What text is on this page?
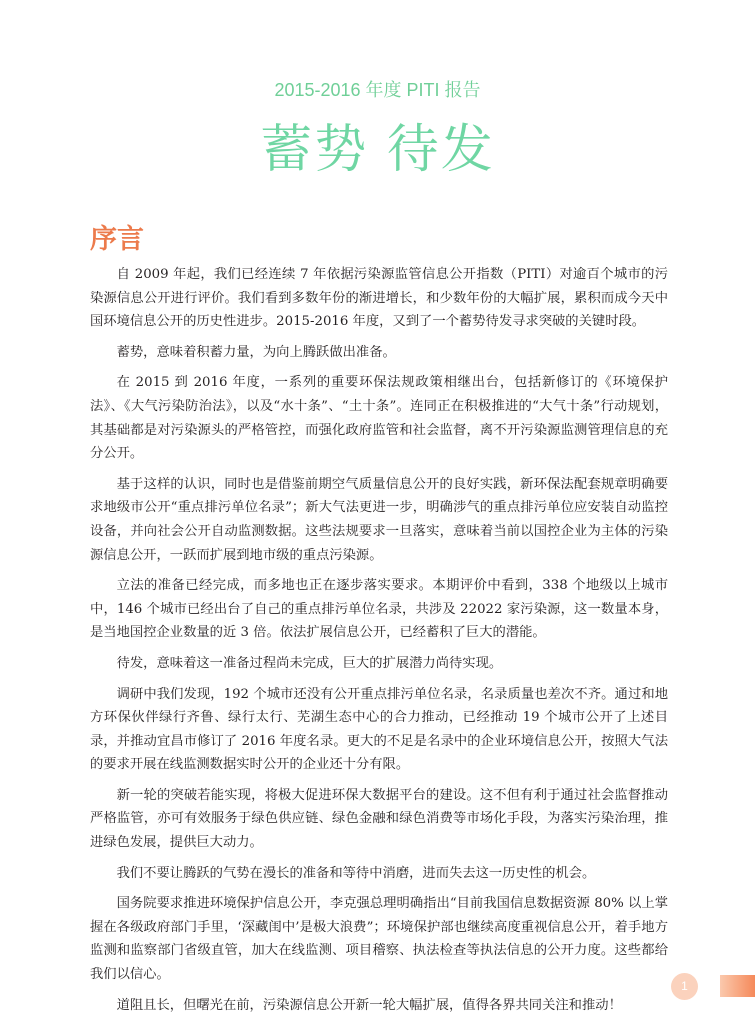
2015-2016 年度 PITI 报告
蓄势 待发
序言

自 2009 年起，我们已经连续 7 年依据污染源监管信息公开指数（PITI）对逾百个城市的污染源信息公开进行评价。我们看到多数年份的渐进增长，和少数年份的大幅扩展，累积而成今天中国环境信息公开的历史性进步。2015-2016 年度，又到了一个蓄势待发寻求突破的关键时段。

蓄势，意味着积蓄力量，为向上腾跃做出准备。

在 2015 到 2016 年度，一系列的重要环保法规政策相继出台，包括新修订的《环境保护法》、《大气污染防治法》，以及“水十条”、“土十条”。连同正在积极推进的“大气十条”行动规划，其基础都是对污染源头的严格管控，而强化政府监管和社会监督，离不开污染源监测管理信息的充分公开。

基于这样的认识，同时也是借鉴前期空气质量信息公开的良好实践，新环保法配套规章明确要求地级市公开“重点排污单位名录”；新大气法更进一步，明确涉气的重点排污单位应安装自动监控设备，并向社会公开自动监测数据。这些法规要求一旦落实，意味着当前以国控企业为主体的污染源信息公开，一跃而扩展到地市级的重点污染源。

立法的准备已经完成，而多地也正在逐步落实要求。本期评价中看到，338 个地级以上城市中，146 个城市已经出台了自己的重点排污单位名录，共涉及 22022 家污染源，这一数量本身，是当地国控企业数量的近 3 倍。依法扩展信息公开，已经蓄积了巨大的潜能。

待发，意味着这一准备过程尚未完成，巨大的扩展潜力尚待实现。

调研中我们发现，192 个城市还没有公开重点排污单位名录，名录质量也差次不齐。通过和地方环保伙伴绿行齐鲁、绿行太行、芜湖生态中心的合力推动，已经推动 19 个城市公开了上述目录，并推动宜昌市修订了 2016 年度名录。更大的不足是名录中的企业环境信息公开，按照大气法的要求开展在线监测数据实时公开的企业还十分有限。

新一轮的突破若能实现，将极大促进环保大数据平台的建设。这不但有利于通过社会监督推动严格监管，亦可有效服务于绿色供应链、绿色金融和绿色消费等市场化手段，为落实污染治理，推进绿色发展，提供巨大动力。

我们不要让腾跃的气势在漫长的准备和等待中消磨，进而失去这一历史性的机会。

国务院要求推进环境保护信息公开，李克强总理明确指出“目前我国信息数据资源 80% 以上掌握在各级政府部门手里，‘深藏闺中’是极大浪费”；环境保护部也继续高度重视信息公开，着手地方监测和监察部门省级直管，加大在线监测、项目稽察、执法检查等执法信息的公开力度。这些都给我们以信心。

道阻且长，但曙光在前，污染源信息公开新一轮大幅扩展，值得各界共同关注和推动！

1
